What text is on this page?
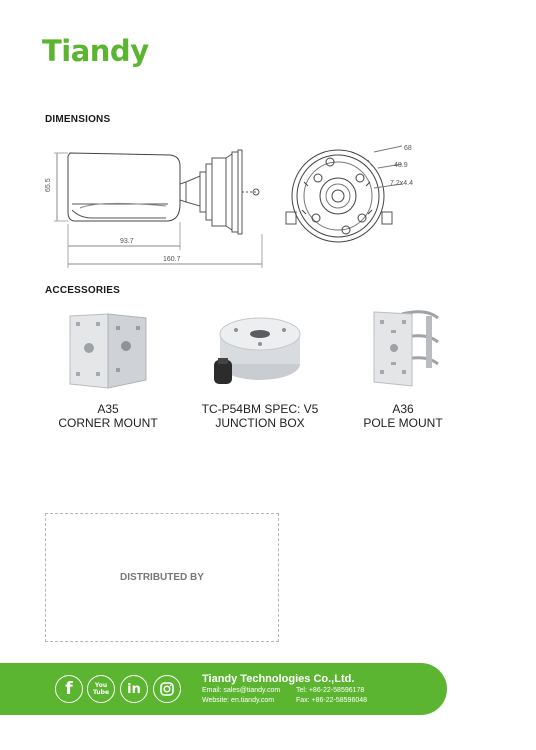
Tiandy
DIMENSIONS
65.5
93.7
160.7
68
48.9
7.2x4.4
ACCESSORIES
A35
CORNER MOUNT
TC-P54BM SPEC: V5
JUNCTION BOX
A36
POLE MOUNT
DISTRIBUTED BY
f	You
Tube in
Tiandy Technologies Co.,Ltd.
Email: sales@tiandy.com
Website: en.tiandy.com
Tel: +86-22-58596178
Fax: +86-22-58596048
